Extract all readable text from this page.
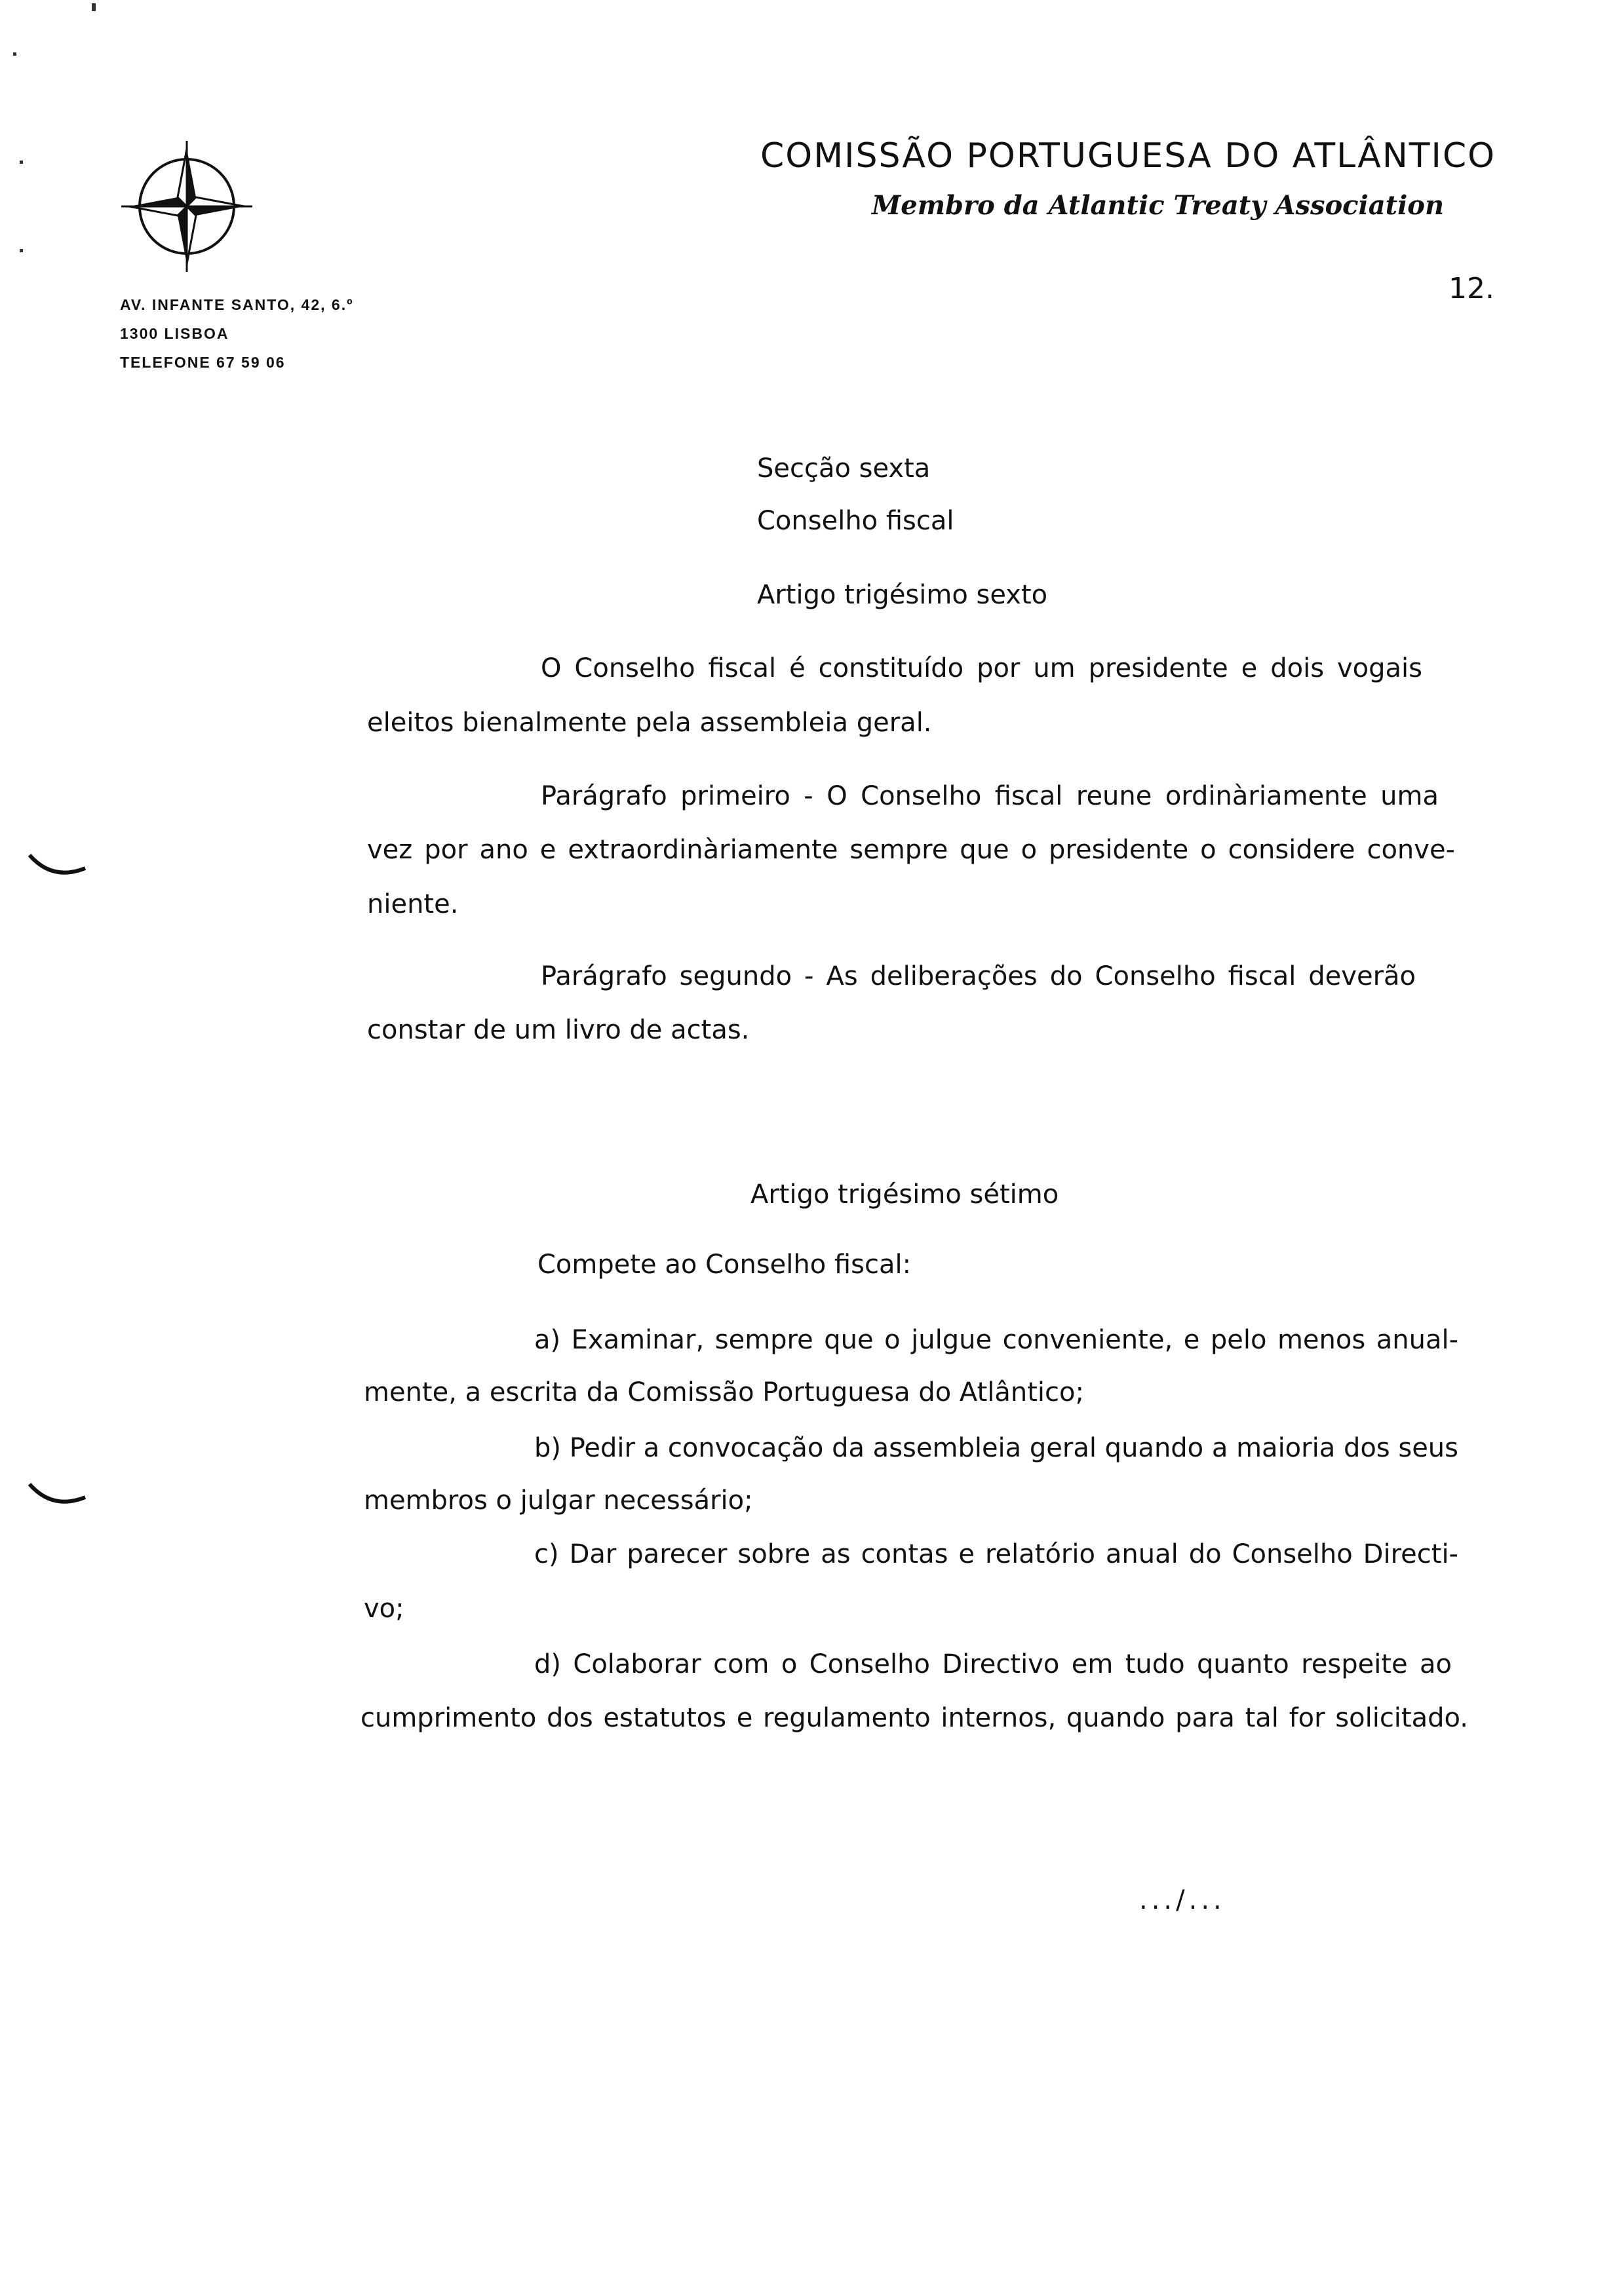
COMISSÃO PORTUGUESA DO ATLÂNTICO
Membro da Atlantic Treaty Association
AV. INFANTE SANTO, 42, 6.º
1300 LISBOA
TELEFONE 67 59 06
12.
Secção sexta
Conselho fiscal
Artigo trigésimo sexto
O Conselho fiscal é constituído por um presidente e dois vogais
eleitos bienalmente pela assembleia geral.
Parágrafo primeiro - O Conselho fiscal reune ordinàriamente uma
vez por ano e extraordinàriamente sempre que o presidente o considere conve-
niente.
Parágrafo segundo - As deliberações do Conselho fiscal deverão
constar de um livro de actas.
Artigo trigésimo sétimo
Compete ao Conselho fiscal:
a) Examinar, sempre que o julgue conveniente, e pelo menos anual-
mente, a escrita da Comissão Portuguesa do Atlântico;
b) Pedir a convocação da assembleia geral quando a maioria dos seus
membros o julgar necessário;
c) Dar parecer sobre as contas e relatório anual do Conselho Directi-
vo;
d) Colaborar com o Conselho Directivo em tudo quanto respeite ao
cumprimento dos estatutos e regulamento internos, quando para tal for solicitado.
.../...
